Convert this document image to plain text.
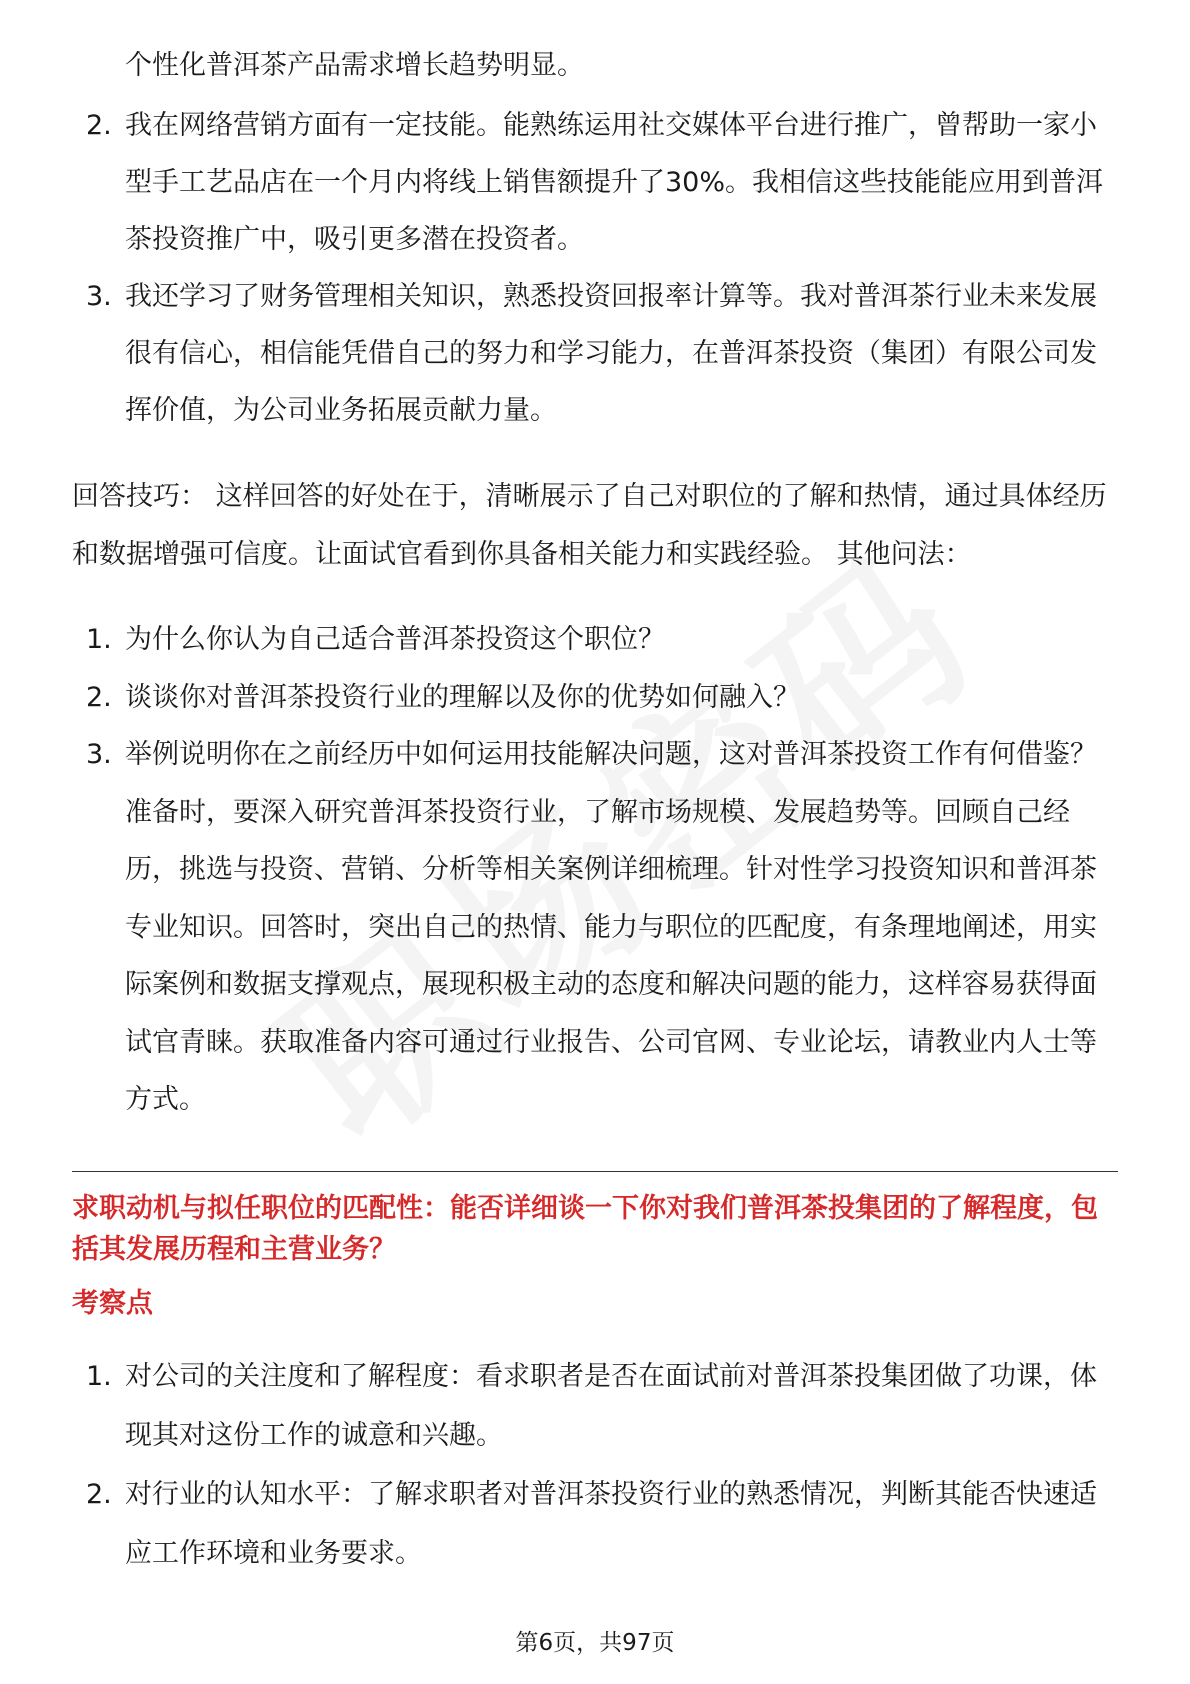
个性化普洱茶产品需求增长趋势明显。

2. 我在网络营销方面有一定技能。能熟练运用社交媒体平台进行推广，曾帮助一家小型手工艺品店在一个月内将线上销售额提升了30%。我相信这些技能能应用到普洱茶投资推广中，吸引更多潜在投资者。
3. 我还学习了财务管理相关知识，熟悉投资回报率计算等。我对普洱茶行业未来发展很有信心，相信能凭借自己的努力和学习能力，在普洱茶投资（集团）有限公司发挥价值，为公司业务拓展贡献力量。

回答技巧： 这样回答的好处在于，清晰展示了自己对职位的了解和热情，通过具体经历和数据增强可信度。让面试官看到你具备相关能力和实践经验。 其他问法：

1. 为什么你认为自己适合普洱茶投资这个职位？
2. 谈谈你对普洱茶投资行业的理解以及你的优势如何融入？
3. 举例说明你在之前经历中如何运用技能解决问题，这对普洱茶投资工作有何借鉴？ 准备时，要深入研究普洱茶投资行业，了解市场规模、发展趋势等。回顾自己经历，挑选与投资、营销、分析等相关案例详细梳理。针对性学习投资知识和普洱茶专业知识。回答时，突出自己的热情、能力与职位的匹配度，有条理地阐述，用实际案例和数据支撑观点，展现积极主动的态度和解决问题的能力，这样容易获得面试官青睐。获取准备内容可通过行业报告、公司官网、专业论坛，请教业内人士等方式。
求职动机与拟任职位的匹配性：能否详细谈一下你对我们普洱茶投集团的了解程度，包括其发展历程和主营业务？
考察点
1. 对公司的关注度和了解程度：看求职者是否在面试前对普洱茶投集团做了功课，体现其对这份工作的诚意和兴趣。
2. 对行业的认知水平：了解求职者对普洱茶投资行业的熟悉情况，判断其能否快速适应工作环境和业务要求。
第6页，共97页
